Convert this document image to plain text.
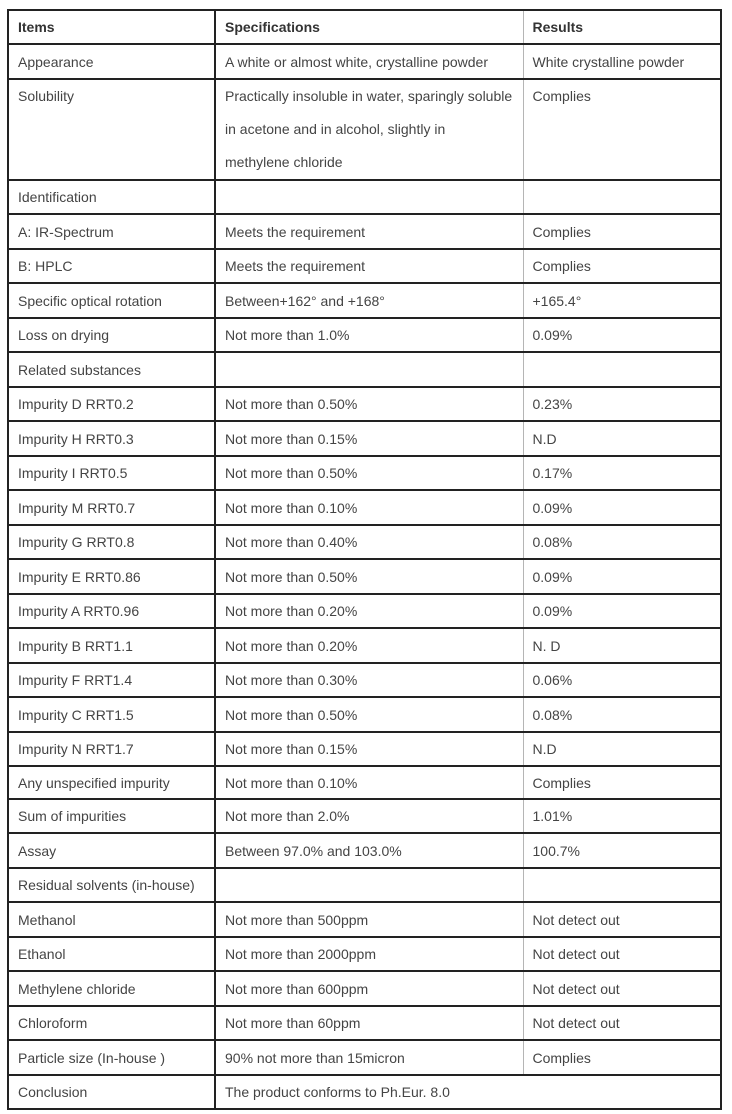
Items	Specifications	Results
Appearance	A white or almost white, crystalline powder	White crystalline powder
Solubility	Practically insoluble in water, sparingly soluble in acetone and in alcohol, slightly in methylene chloride	Complies
Identification		
A: IR-Spectrum	Meets the requirement	Complies
B: HPLC	Meets the requirement	Complies
Specific optical rotation	Between+162° and +168°	+165.4°
Loss on drying	Not more than 1.0%	0.09%
Related substances		
Impurity D RRT0.2	Not more than 0.50%	0.23%
Impurity H RRT0.3	Not more than 0.15%	N.D
Impurity I RRT0.5	Not more than 0.50%	0.17%
Impurity M RRT0.7	Not more than 0.10%	0.09%
Impurity G RRT0.8	Not more than 0.40%	0.08%
Impurity E RRT0.86	Not more than 0.50%	0.09%
Impurity A RRT0.96	Not more than 0.20%	0.09%
Impurity B RRT1.1	Not more than 0.20%	N. D
Impurity F RRT1.4	Not more than 0.30%	0.06%
Impurity C RRT1.5	Not more than 0.50%	0.08%
Impurity N RRT1.7	Not more than 0.15%	N.D
Any unspecified impurity	Not more than 0.10%	Complies
Sum of impurities	Not more than 2.0%	1.01%
Assay	Between 97.0% and 103.0%	100.7%
Residual solvents (in-house)		
Methanol	Not more than 500ppm	Not detect out
Ethanol	Not more than 2000ppm	Not detect out
Methylene chloride	Not more than 600ppm	Not detect out
Chloroform	Not more than 60ppm	Not detect out
Particle size (In-house )	90% not more than 15micron	Complies
Conclusion	The product conforms to Ph.Eur. 8.0	
